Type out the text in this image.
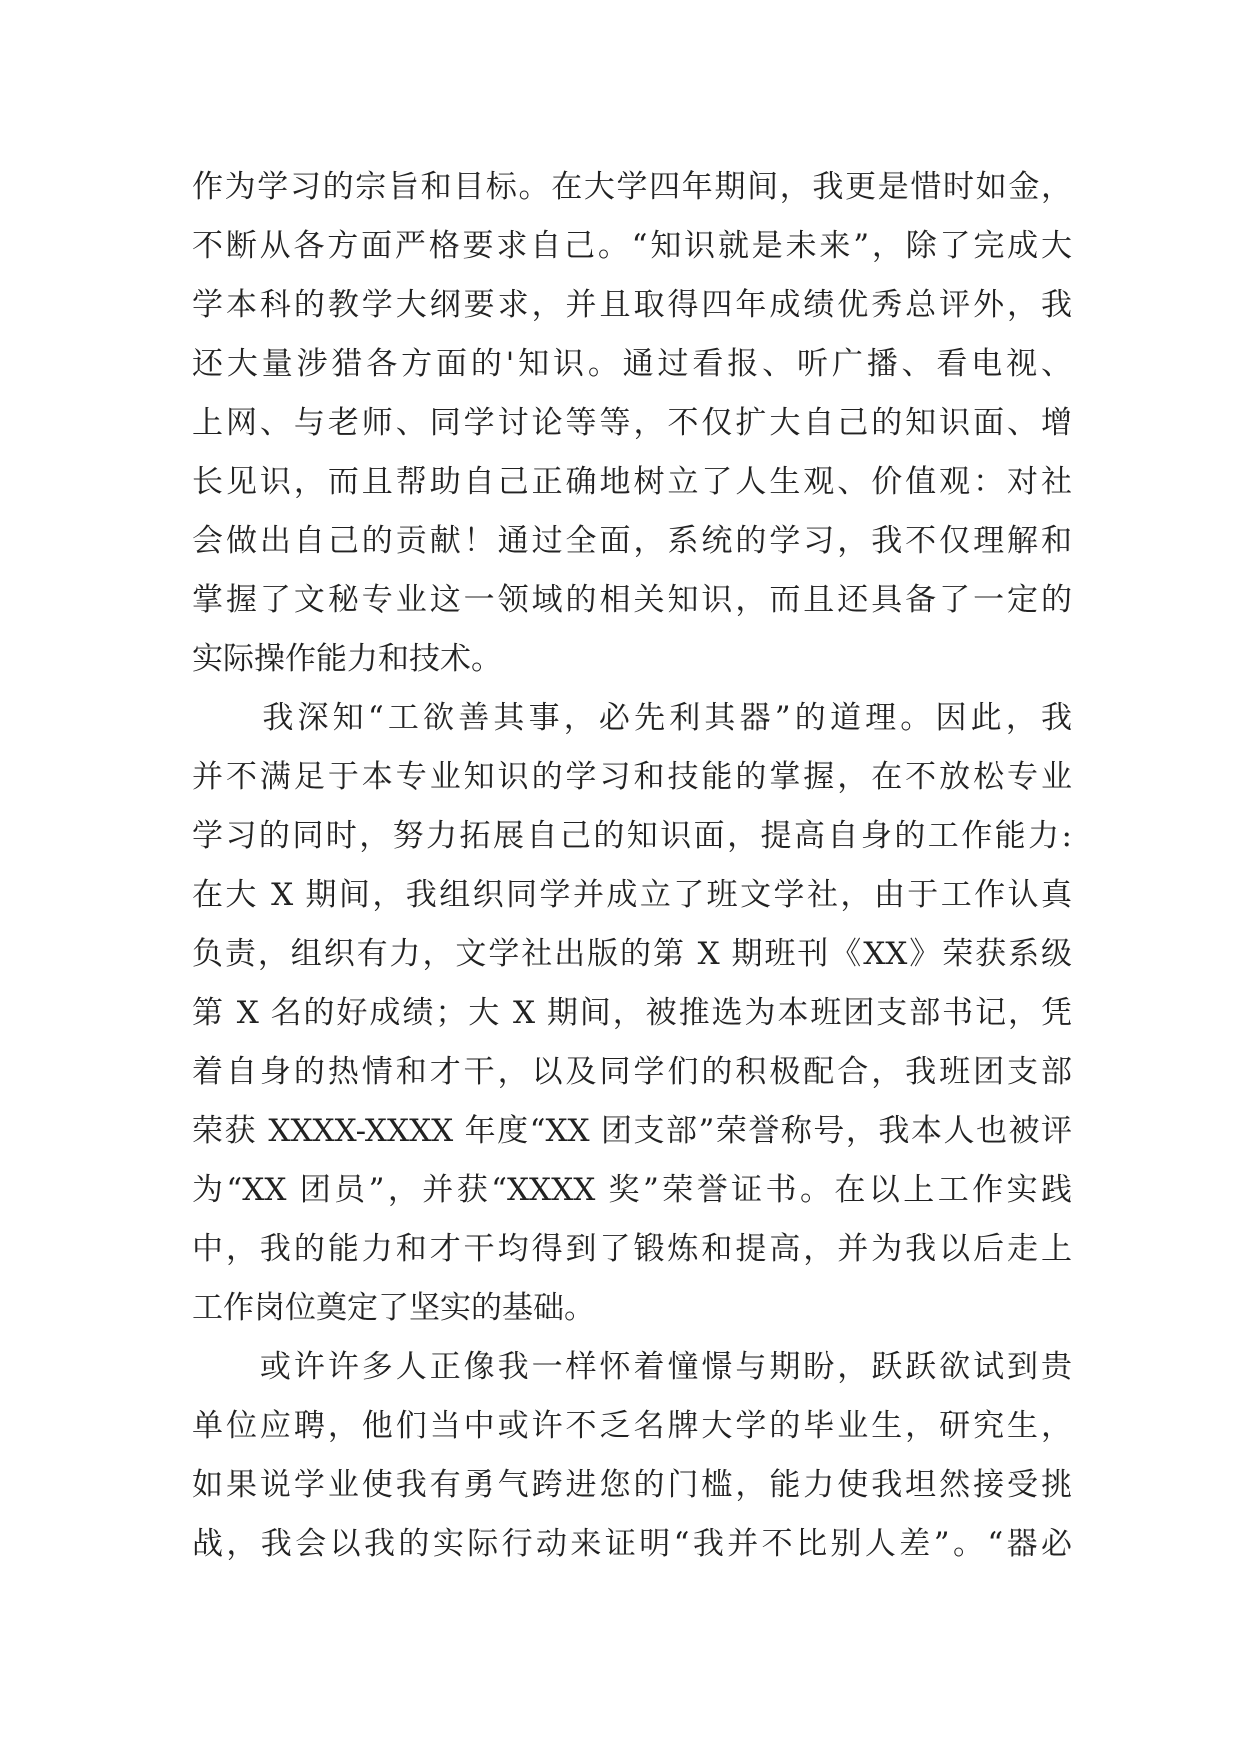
作为学习的宗旨和目标。在大学四年期间，我更是惜时如金，
不断从各方面严格要求自己。“知识就是未来”，除了完成大
学本科的教学大纲要求，并且取得四年成绩优秀总评外，我
还大量涉猎各方面的'知识。通过看报、听广播、看电视、
上网、与老师、同学讨论等等，不仅扩大自己的知识面、增
长见识，而且帮助自己正确地树立了人生观、价值观：对社
会做出自己的贡献！通过全面，系统的学习，我不仅理解和
掌握了文秘专业这一领域的相关知识，而且还具备了一定的
实际操作能力和技术。
　　我深知“工欲善其事，必先利其器”的道理。因此，我
并不满足于本专业知识的学习和技能的掌握，在不放松专业
学习的同时，努力拓展自己的知识面，提高自身的工作能力:
在大 X 期间，我组织同学并成立了班文学社，由于工作认真
负责，组织有力，文学社出版的第 X 期班刊《XX》荣获系级
第 X 名的好成绩；大 X 期间，被推选为本班团支部书记，凭
着自身的热情和才干，以及同学们的积极配合，我班团支部
荣获 XXXX-XXXX 年度“XX 团支部”荣誉称号，我本人也被评
为“XX 团员”，并获“XXXX 奖”荣誉证书。在以上工作实践
中，我的能力和才干均得到了锻炼和提高，并为我以后走上
工作岗位奠定了坚实的基础。
　　或许许多人正像我一样怀着憧憬与期盼，跃跃欲试到贵
单位应聘，他们当中或许不乏名牌大学的毕业生，研究生，
如果说学业使我有勇气跨进您的门槛，能力使我坦然接受挑
战，我会以我的实际行动来证明“我并不比别人差”。“器必
